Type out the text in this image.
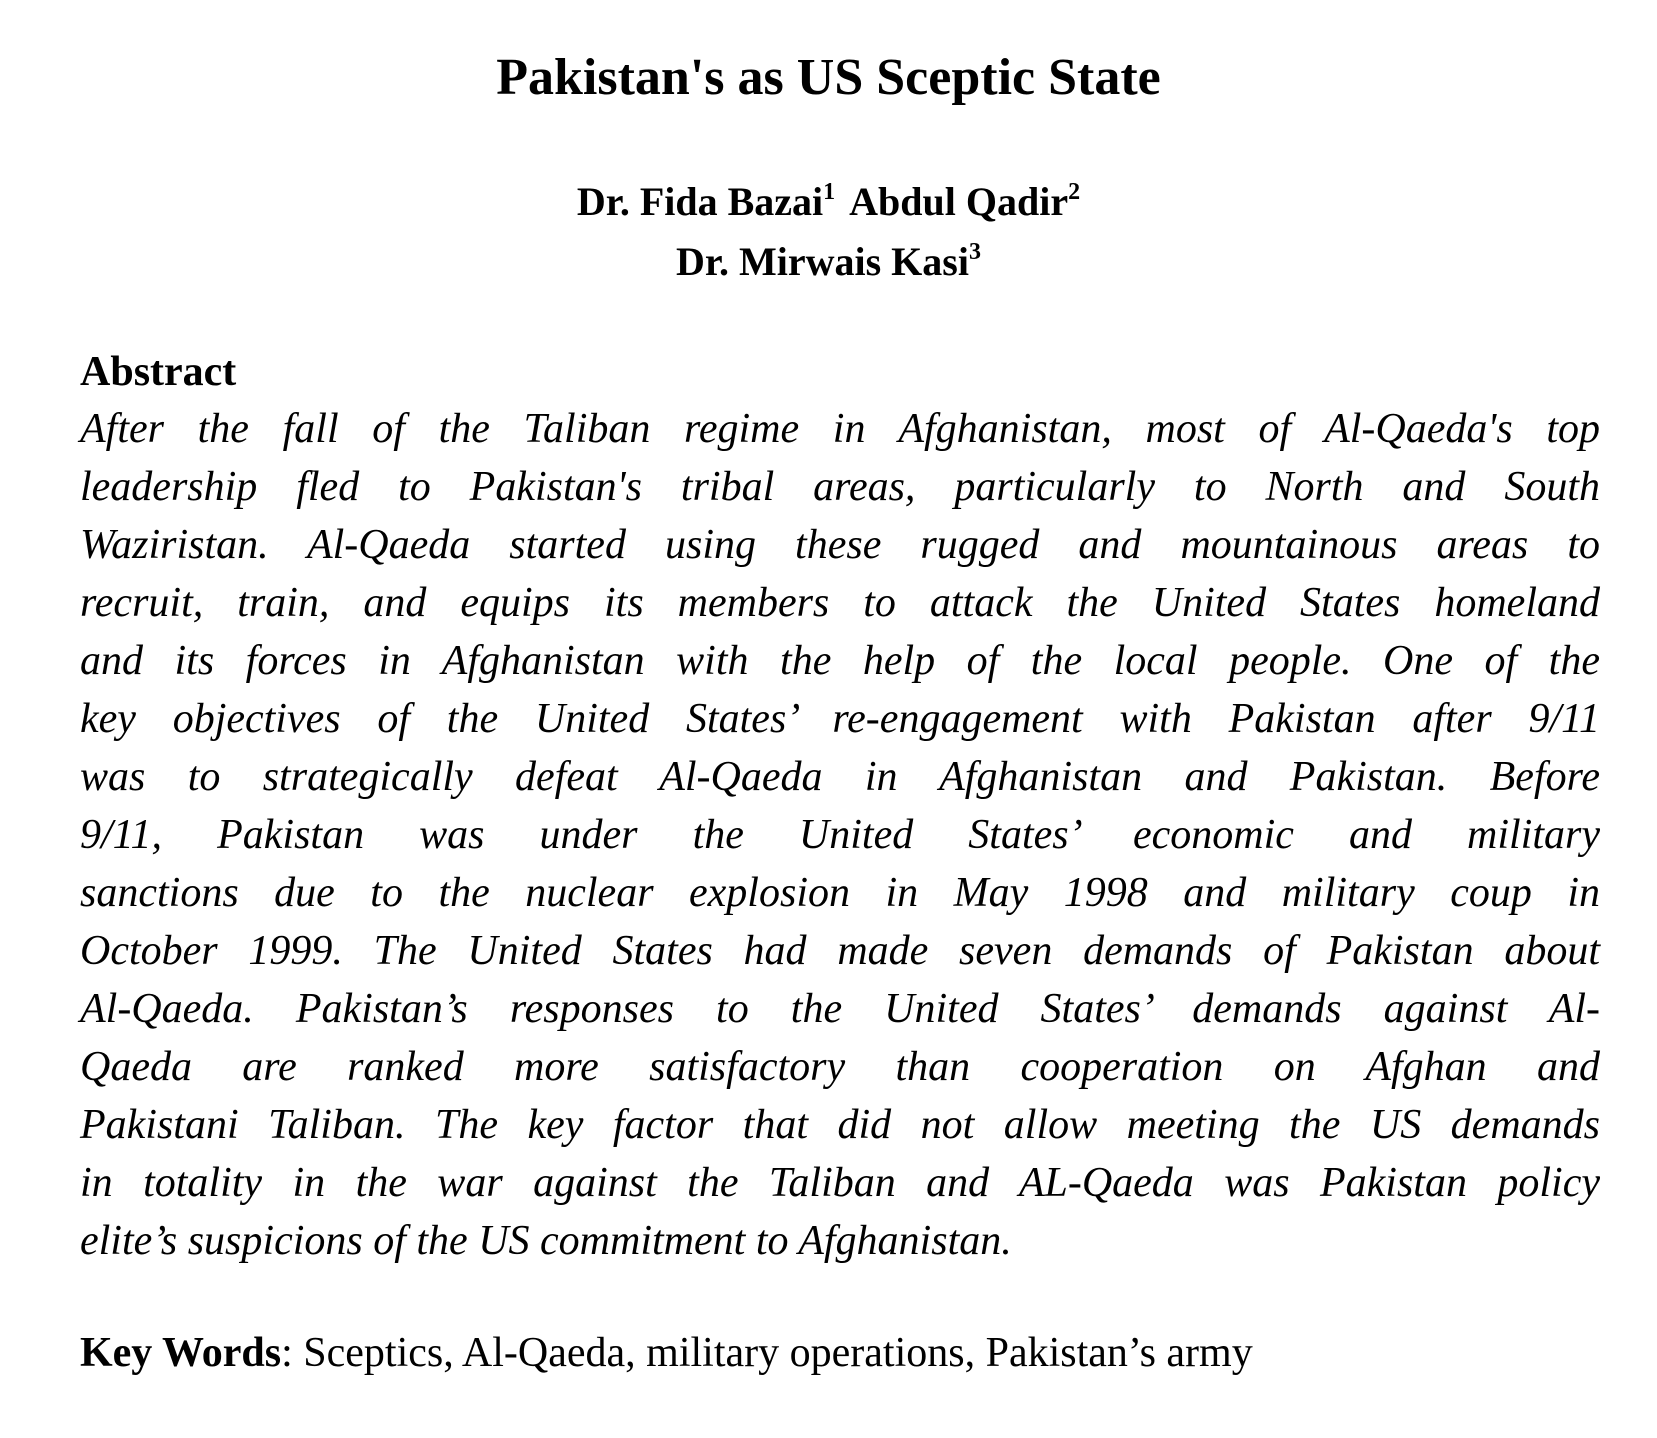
Pakistan's as US Sceptic State
Dr. Fida Bazai$^1$ Abdul Qadir$^2$
Dr. Mirwais Kasi$^3$
Abstract
After the fall of the Taliban regime in Afghanistan, most of Al-Qaeda's top
leadership fled to Pakistan's tribal areas, particularly to North and South
Waziristan. Al-Qaeda started using these rugged and mountainous areas to
recruit, train, and equips its members to attack the United States homeland
and its forces in Afghanistan with the help of the local people. One of the
key objectives of the United States’ re-engagement with Pakistan after 9/11
was to strategically defeat Al-Qaeda in Afghanistan and Pakistan. Before
9/11, Pakistan was under the United States’ economic and military
sanctions due to the nuclear explosion in May 1998 and military coup in
October 1999. The United States had made seven demands of Pakistan about
Al-Qaeda. Pakistan’s responses to the United States’ demands against Al-
Qaeda are ranked more satisfactory than cooperation on Afghan and
Pakistani Taliban. The key factor that did not allow meeting the US demands
in totality in the war against the Taliban and AL-Qaeda was Pakistan policy
elite’s suspicions of the US commitment to Afghanistan.

Key Words: Sceptics, Al-Qaeda, military operations, Pakistan’s army
